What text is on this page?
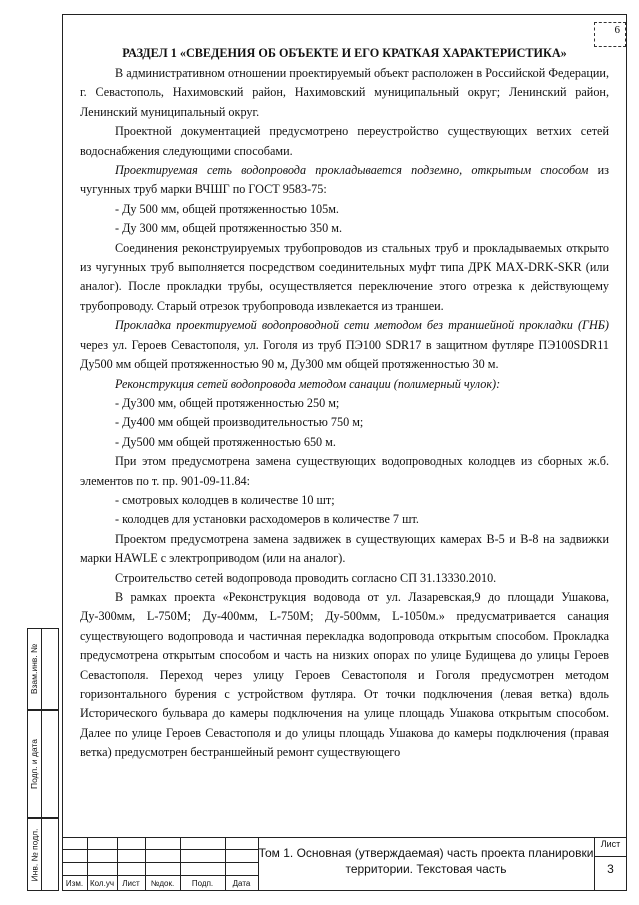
6
РАЗДЕЛ 1 «СВЕДЕНИЯ ОБ ОБЪЕКТЕ И ЕГО КРАТКАЯ ХАРАКТЕРИСТИКА»

В административном отношении проектируемый объект расположен в Российской Федерации, г. Севастополь, Нахимовский район, Нахимовский муниципальный округ; Ленинский район, Ленинский муниципальный округ.

Проектной документацией предусмотрено переустройство существующих ветхих сетей водоснабжения следующими способами.

Проектируемая сеть водопровода прокладывается подземно, открытым способом из чугунных труб марки ВЧШГ по ГОСТ 9583-75:

- Ду 500 мм, общей протяженностью 105м.

- Ду 300 мм, общей протяженностью 350 м.

Соединения реконструируемых трубопроводов из стальных труб и прокладываемых открыто из чугунных труб выполняется посредством соединительных муфт типа ДРК MAX-DRK-SKR (или аналог). После прокладки трубы, осуществляется переключение этого отрезка к действующему трубопроводу. Старый отрезок трубопровода извлекается из траншеи.

Прокладка проектируемой водопроводной сети методом без траншейной прокладки (ГНБ) через ул. Героев Севастополя, ул. Гоголя из труб ПЭ100 SDR17 в защитном футляре ПЭ100SDR11 Ду500 мм общей протяженностью 90 м, Ду300 мм общей протяженностью 30 м.

Реконструкция сетей водопровода методом санации (полимерный чулок):

- Ду300 мм, общей протяженностью 250 м;

- Ду400 мм общей производительностью 750 м;

- Ду500 мм общей протяженностью 650 м.

При этом предусмотрена замена существующих водопроводных колодцев из сборных ж.б. элементов по т. пр. 901-09-11.84:

- смотровых колодцев в количестве 10 шт;

- колодцев для установки расходомеров в количестве 7 шт.

Проектом предусмотрена замена задвижек в существующих камерах В-5 и В-8 на задвижки марки HAWLE с электроприводом (или на аналог).

Строительство сетей водопровода проводить согласно СП 31.13330.2010.

В рамках проекта «Реконструкция водовода от ул. Лазаревская,9 до площади Ушакова, Ду-300мм, L-750M; Ду-400мм, L-750M; Ду-500мм, L-1050м.» предусматривается санация существующего водопровода и частичная перекладка водопровода открытым способом. Прокладка предусмотрена открытым способом и часть на низких опорах по улице Будищева до улицы Героев Севастополя. Переход через улицу Героев Севастополя и Гоголя предусмотрен методом горизонтального бурения с устройством футляра. От точки подключения (левая ветка) вдоль Исторического бульвара до камеры подключения на улице площадь Ушакова открытым способом. Далее по улице Героев Севастополя и до улицы площадь Ушакова до камеры подключения (правая ветка) предусмотрен бестраншейный ремонт существующего

Взам.инв. №
Подп. и дата
Инв. № подл.
Изм. Кол.уч	Лист	№док.	Подп.	Дата
Том 1. Основная (утверждаемая) часть проекта планировки территории. Текстовая часть
Лист
3
